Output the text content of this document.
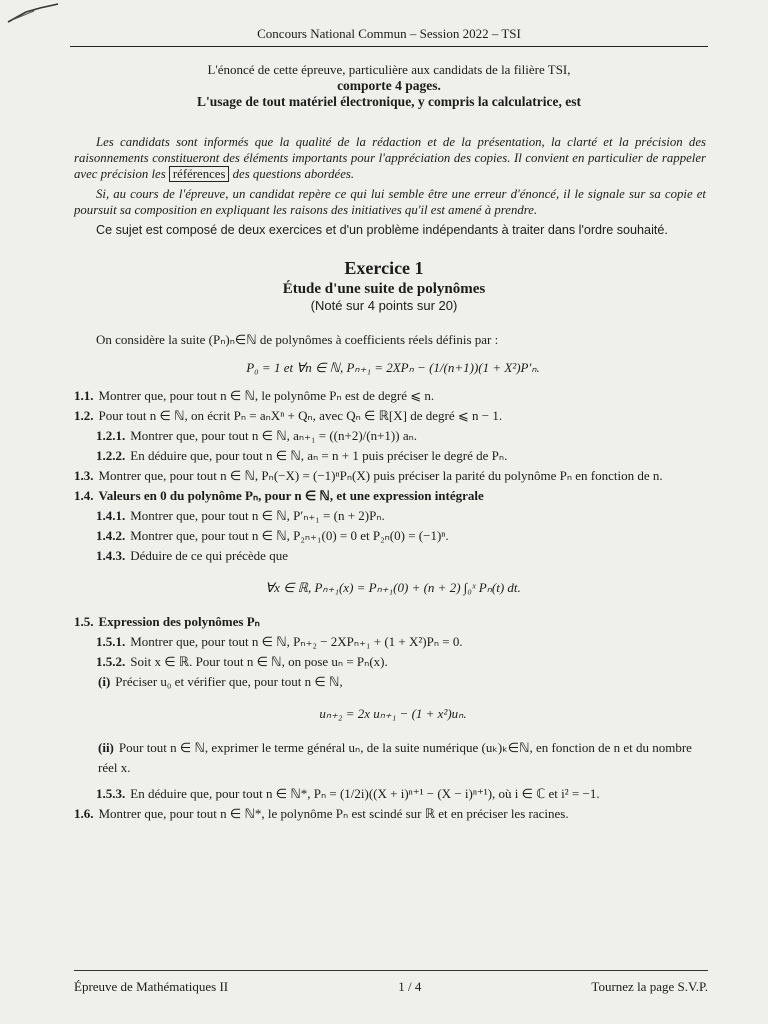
Concours National Commun – Session 2022 – TSI
L'énoncé de cette épreuve, particulière aux candidats de la filière TSI,
comporte 4 pages.
L'usage de tout matériel électronique, y compris la calculatrice, est

Les candidats sont informés que la qualité de la rédaction et de la présentation, la clarté et la précision des raisonnements constitueront des éléments importants pour l'appréciation des copies. Il convient en particulier de rappeler avec précision les références des questions abordées.

Si, au cours de l'épreuve, un candidat repère ce qui lui semble être une erreur d'énoncé, il le signale sur sa copie et poursuit sa composition en expliquant les raisons des initiatives qu'il est amené à prendre.

Ce sujet est composé de deux exercices et d'un problème indépendants à traiter dans l'ordre souhaité.

Exercice 1
Étude d'une suite de polynômes
(Noté sur 4 points sur 20)

On considère la suite (Pₙ)ₙ∈ℕ de polynômes à coefficients réels définis par :

P₀ = 1 et ∀n ∈ ℕ, Pₙ₊₁ = 2XPₙ − (1/(n+1))(1 + X²)P′ₙ.

1.1. Montrer que, pour tout n ∈ ℕ, le polynôme Pₙ est de degré ⩽ n.

1.2. Pour tout n ∈ ℕ, on écrit Pₙ = aₙXⁿ + Qₙ, avec Qₙ ∈ ℝ[X] de degré ⩽ n − 1.

1.2.1. Montrer que, pour tout n ∈ ℕ, aₙ₊₁ = ((n+2)/(n+1)) aₙ.

1.2.2. En déduire que, pour tout n ∈ ℕ, aₙ = n + 1 puis préciser le degré de Pₙ.

1.3. Montrer que, pour tout n ∈ ℕ, Pₙ(−X) = (−1)ⁿPₙ(X) puis préciser la parité du polynôme Pₙ en fonction de n.

1.4. Valeurs en 0 du polynôme Pₙ, pour n ∈ ℕ, et une expression intégrale

1.4.1. Montrer que, pour tout n ∈ ℕ, P′ₙ₊₁ = (n + 2)Pₙ.

1.4.2. Montrer que, pour tout n ∈ ℕ, P₂ₙ₊₁(0) = 0 et P₂ₙ(0) = (−1)ⁿ.

1.4.3. Déduire de ce qui précède que

∀x ∈ ℝ, Pₙ₊₁(x) = Pₙ₊₁(0) + (n + 2) ∫₀ˣ Pₙ(t) dt.

1.5. Expression des polynômes Pₙ

1.5.1. Montrer que, pour tout n ∈ ℕ, Pₙ₊₂ − 2XPₙ₊₁ + (1 + X²)Pₙ = 0.

1.5.2. Soit x ∈ ℝ. Pour tout n ∈ ℕ, on pose uₙ = Pₙ(x).

(i) Préciser u₀ et vérifier que, pour tout n ∈ ℕ,

uₙ₊₂ = 2x uₙ₊₁ − (1 + x²)uₙ.

(ii) Pour tout n ∈ ℕ, exprimer le terme général uₙ, de la suite numérique (uₖ)ₖ∈ℕ, en fonction de n et du nombre réel x.

1.5.3. En déduire que, pour tout n ∈ ℕ*, Pₙ = (1/2i)((X + i)ⁿ⁺¹ − (X − i)ⁿ⁺¹), où i ∈ ℂ et i² = −1.

1.6. Montrer que, pour tout n ∈ ℕ*, le polynôme Pₙ est scindé sur ℝ et en préciser les racines.

Épreuve de Mathématiques II	1 / 4	Tournez la page S.V.P.
